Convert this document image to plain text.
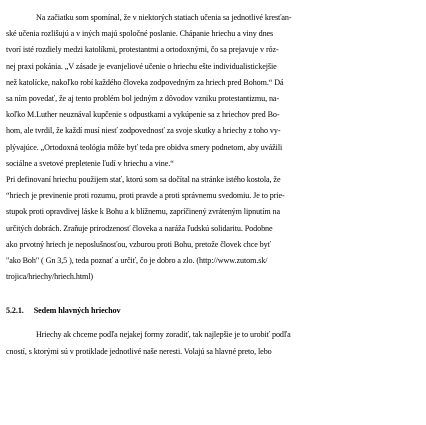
Na začiatku som spomínal, že v niektorých statiach učenia sa jednotlivé kresťan-
ské učenia rozlišujú a v iných majú spoločné poslanie. Chápanie hriechu a viny dnes
tvorí isté rozdiely medzi katolíkmi, protestantmi a ortodoxnými, čo sa prejavuje v róz-
nej praxi pokánia. „V zásade je evanjeliové učenie o hriechu ešte individualistickejšie
než katolícke, nakoľko robí každého človeka zodpovedným za hriech pred Bohom.“ Dá
sa ním povedať, že aj tento problém bol jedným z dôvodov vzniku protestantizmu, na-
koľko M.Luther neuznával kupčenie s odpustkami a vykúpenie sa z hriechov pred Bo-
hom, ale tvrdil, že každí musí niesť zodpovednosť za svoje skutky a hriechy z toho vy-
plývajúce. „Ortodoxná teológia môže byť teda pre obidva smery podnetom, aby uvážili
sociálne a svetové prepletenie ľudí v hriechu a vine.“
Pri definovaní hriechu použijem stať, ktorú som sa dočítal na stránke istého kostola, že
“hriech je previnenie proti rozumu, proti pravde a proti správnemu svedomiu. Je to prie-
stupok proti opravdivej láske k Bohu a k blížnemu, zapríčinený zvráteným lipnutím na
určitých dobrách. Zraňuje prirodzenosť človeka a naráža ľudskú solidaritu. Podobne
ako prvotný hriech je neposlušnosťou, vzburou proti Bohu, pretože človek chce byť
"ako Boh" ( Gn 3,5 ), teda poznať a určiť, čo je dobro a zlo. (http://www.zutom.sk/
trojica/hriechy/hriech.html)
5.2.1. Sedem hlavných hriechov
Hriechy ak chceme podľa nejakej formy zoradiť, tak najlepšie je to urobiť podľa
cností, s ktorými sú v protiklade jednotlivé naše neresti. Volajú sa hlavné preto, lebo
